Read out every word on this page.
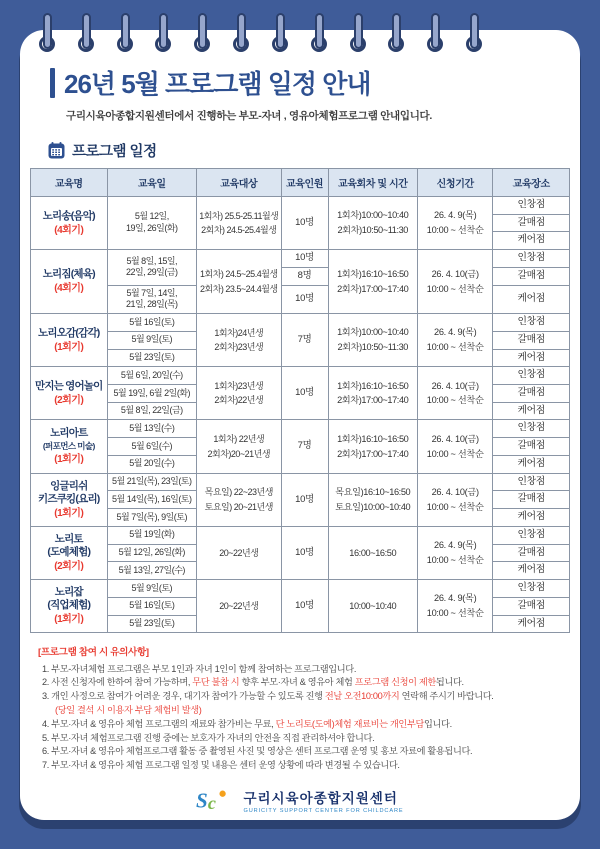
26년 5월 프로그램 일정 안내
구리시육아종합지원센터에서 진행하는 부모-자녀 , 영유아체험프로그램 안내입니다.
프로그램 일정
교육명	교육일	교육대상	교육인원	교육회차 및 시간	신청기간	교육장소

노리송(음악)
(4회기)
	5월 12일,
19일, 26일(화)	1회차) 25.5-25.11월생
2회차) 24.5-25.4월생	10명	1회차)10:00~10:40
2회차)10:50~11:30	26. 4. 9(목)
10:00 ~ 선착순	인창점
						갈매점
						케어점

노리짐(체육)
(4회기)
	5월 8일, 15일,
22일, 29일(금)	1회차) 24.5~25.4월생
2회차) 23.5~24.4월생	10명	1회차)16:10~16:50
2회차)17:00~17:40	26. 4. 10(금)
10:00 ~ 선착순	인창점
			8명			갈매점
	5월 7일, 14일,
21일, 28일(목)		10명			케어점

노리오감(감각)
(1회기)
	5월 16일(토)	1회차)24년생
2회차)23년생	7명	1회차)10:00~10:40
2회차)10:50~11:30	26. 4. 9(목)
10:00 ~ 선착순	인창점
	5월 9일(토)					갈매점
	5월 23일(토)					케어점

만지는 영어놀이
(2회기)
	5월 6일, 20일(수)	1회차)23년생
2회차)22년생	10명	1회차)16:10~16:50
2회차)17:00~17:40	26. 4. 10(금)
10:00 ~ 선착순	인창점
	5월 19일, 6월 2일(화)					갈매점
	5월 8일, 22일(금)					케어점

노리아트
(퍼포먼스 미술)
(1회기)
	5월 13일(수)	1회차) 22년생
2회차)20~21년생	7명	1회차)16:10~16:50
2회차)17:00~17:40	26. 4. 10(금)
10:00 ~ 선착순	인창점
	5월 6일(수)					갈매점
	5월 20일(수)					케어점

잉글리쉬
키즈쿠킹(요리)
(1회기)
	5월 21일(목), 23일(토)	목요일) 22~23년생
토요일) 20~21년생	10명	목요일)16:10~16:50
토요일)10:00~10:40	26. 4. 10(금)
10:00 ~ 선착순	인창점
	5월 14일(목), 16일(토)					갈매점
	5월 7일(목), 9일(토)					케어점

노리토
(도예체험)
(2회기)
	5월 19일(화)	20~22년생	10명	16:00~16:50	26. 4. 9(목)
10:00 ~ 선착순	인창점
	5월 12일, 26일(화)					갈매점
	5월 13일, 27일(수)					케어점

노리잡
(직업체험)
(1회기)
	5월 9일(토)	20~22년생	10명	10:00~10:40	26. 4. 9(목)
10:00 ~ 선착순	인창점
	5월 16일(토)					갈매점
	5월 23일(토)					케어점
[프로그램 참여 시 유의사항]
1. 부모-자녀체험 프로그램은 부모 1인과 자녀 1인이 함께 참여하는 프로그램입니다.
2. 사전 신청자에 한하여 참여 가능하며, 무단 불참 시 향후 부모·자녀 & 영유아 체험 프로그램 신청이 제한됩니다.
3. 개인 사정으로 참여가 어려운 경우, 대기자 참여가 가능할 수 있도록 진행 전날 오전10:00까지 연락해 주시기 바랍니다.
(당일 결석 시 이용자 부담 체험비 발생)
4. 부모·자녀 & 영유아 체험 프로그램의 재료와 참가비는 무료, 단 노리토(도예)체험 재료비는 개인부담입니다.
5. 부모·자녀 체험프로그램 진행 중에는 보호자가 자녀의 안전을 직접 관리하셔야 합니다.
6. 부모·자녀 & 영유아 체험프로그램 활동 중 촬영된 사진 및 영상은 센터 프로그램 운영 및 홍보 자료에 활용됩니다.
7. 부모·자녀 & 영유아 체험 프로그램 일정 및 내용은 센터 운영 상황에 따라 변경될 수 있습니다.
S c 구리시육아종합지원센터
GURICITY SUPPORT CENTER FOR CHILDCARE
